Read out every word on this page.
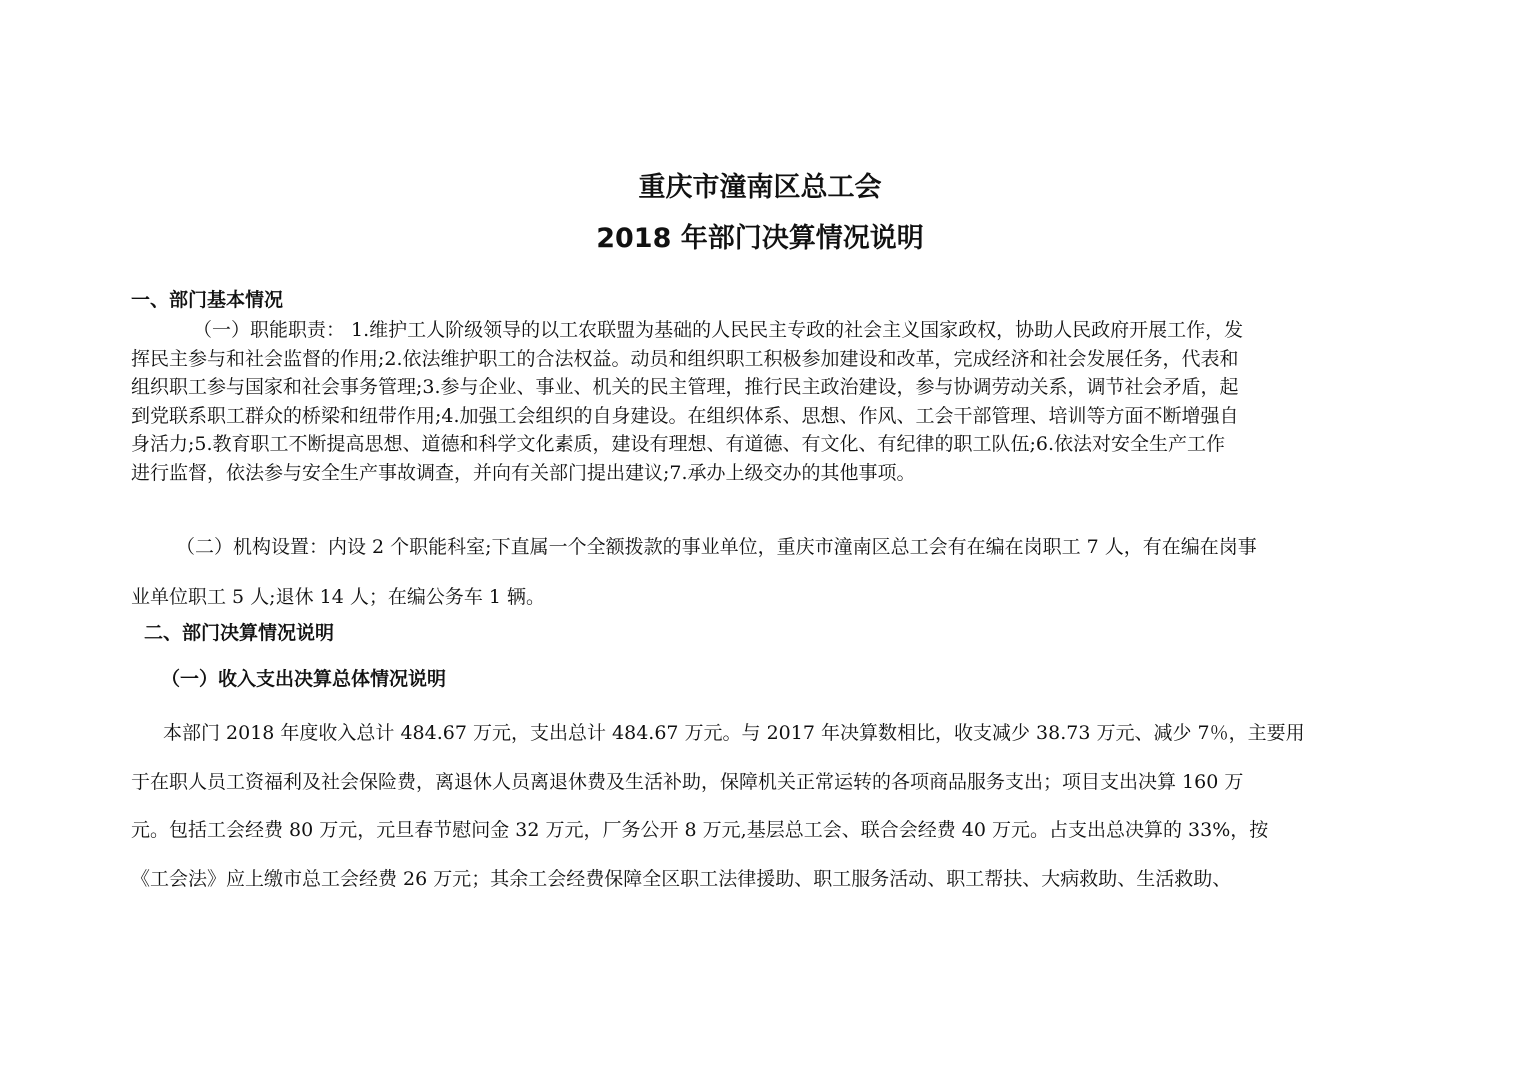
重庆市潼南区总工会
2018 年部门决算情况说明
一、部门基本情况
（一）职能职责： 1.维护工人阶级领导的以工农联盟为基础的人民民主专政的社会主义国家政权，协助人民政府开展工作，发
挥民主参与和社会监督的作用;2.依法维护职工的合法权益。动员和组织职工积极参加建设和改革，完成经济和社会发展任务，代表和
组织职工参与国家和社会事务管理;3.参与企业、事业、机关的民主管理，推行民主政治建设，参与协调劳动关系，调节社会矛盾，起
到党联系职工群众的桥梁和纽带作用;4.加强工会组织的自身建设。在组织体系、思想、作风、工会干部管理、培训等方面不断增强自
身活力;5.教育职工不断提高思想、道德和科学文化素质，建设有理想、有道德、有文化、有纪律的职工队伍;6.依法对安全生产工作
进行监督，依法参与安全生产事故调查，并向有关部门提出建议;7.承办上级交办的其他事项。
（二）机构设置：内设 2 个职能科室;下直属一个全额拨款的事业单位，重庆市潼南区总工会有在编在岗职工 7 人，有在编在岗事
业单位职工 5 人;退休 14 人；在编公务车 1 辆。
二、部门决算情况说明
（一）收入支出决算总体情况说明
本部门 2018 年度收入总计 484.67 万元，支出总计 484.67 万元。与 2017 年决算数相比，收支减少 38.73 万元、减少 7％，主要用
于在职人员工资福利及社会保险费，离退休人员离退休费及生活补助，保障机关正常运转的各项商品服务支出；项目支出决算 160 万
元。包括工会经费 80 万元，元旦春节慰问金 32 万元，厂务公开 8 万元,基层总工会、联合会经费 40 万元。占支出总决算的 33%，按
《工会法》应上缴市总工会经费 26 万元；其余工会经费保障全区职工法律援助、职工服务活动、职工帮扶、大病救助、生活救助、
